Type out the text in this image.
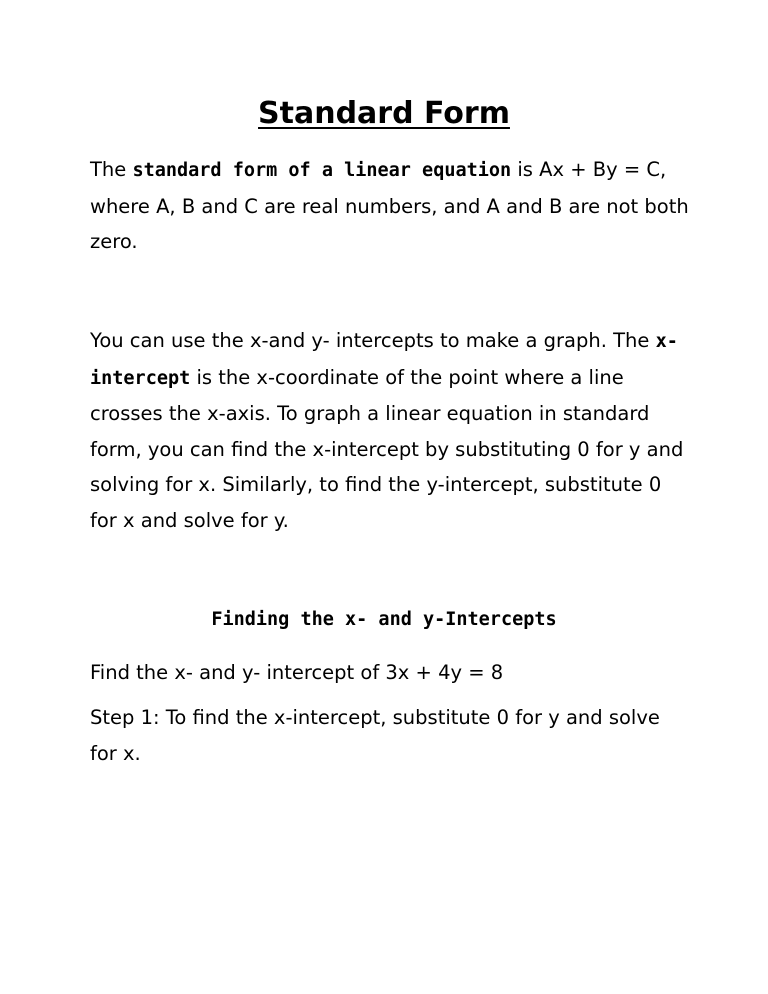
Standard Form

The standard form of a linear equation is Ax + By = C, where A, B and C are real numbers, and A and B are not both zero.

You can use the x-and y- intercepts to make a graph. The x-intercept is the x-coordinate of the point where a line crosses the x-axis. To graph a linear equation in standard form, you can find the x-intercept by substituting 0 for y and solving for x. Similarly, to find the y-intercept, substitute 0 for x and solve for y.

Finding the x- and y-Intercepts

Find the x- and y- intercept of 3x + 4y = 8

Step 1: To find the x-intercept, substitute 0 for y and solve for x.
